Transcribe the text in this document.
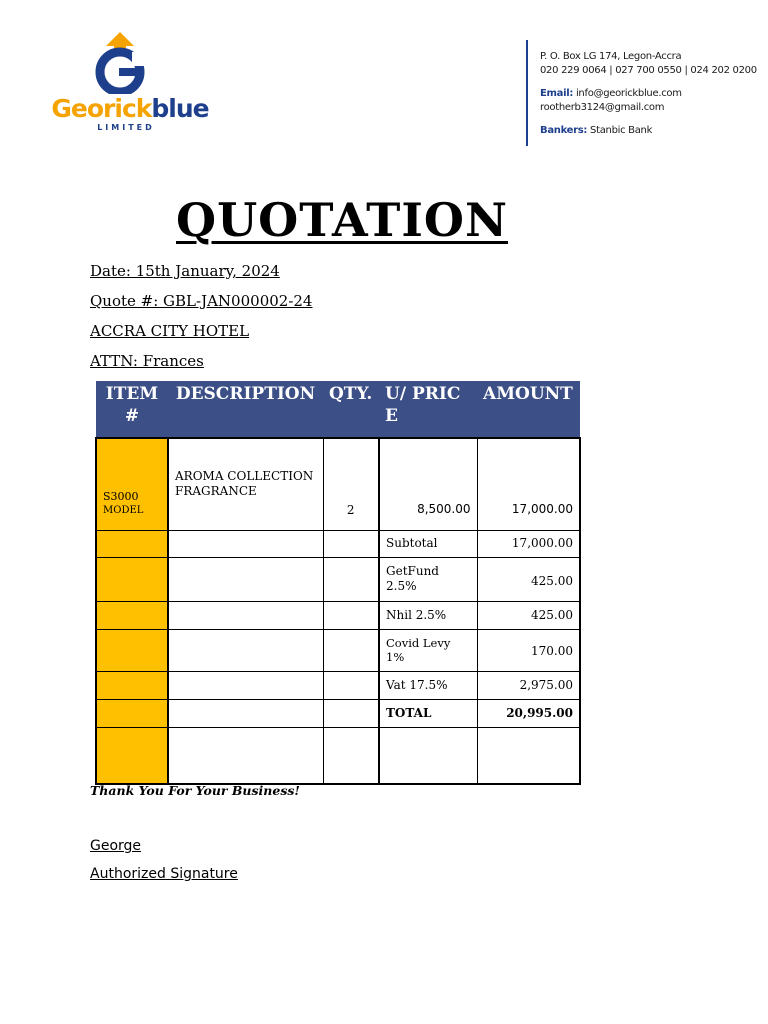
Georickblue
LIMITED
P. O. Box LG 174, Legon-Accra
020 229 0064 | 027 700 0550 | 024 202 0200
Email: info@georickblue.com
rootherb3124@gmail.com
Bankers: Stanbic Bank
QUOTATION
Date: 15th January, 2024
Quote #: GBL-JAN000002-24
ACCRA CITY HOTEL
ATTN: Frances
ITEM #	DESCRIPTION	QTY.	U/ PRICE	AMOUNT

S3000
MODEL	AROMA COLLECTION FRAGRANCE	2	8,500.00	17,000.00
			Subtotal	17,000.00
			GetFund 2.5%	425.00
			Nhil 2.5%	425.00
			Covid Levy 1%	170.00
			Vat 17.5%	2,975.00
			TOTAL	20,995.00

Thank You For Your Business!
George
Authorized Signature
